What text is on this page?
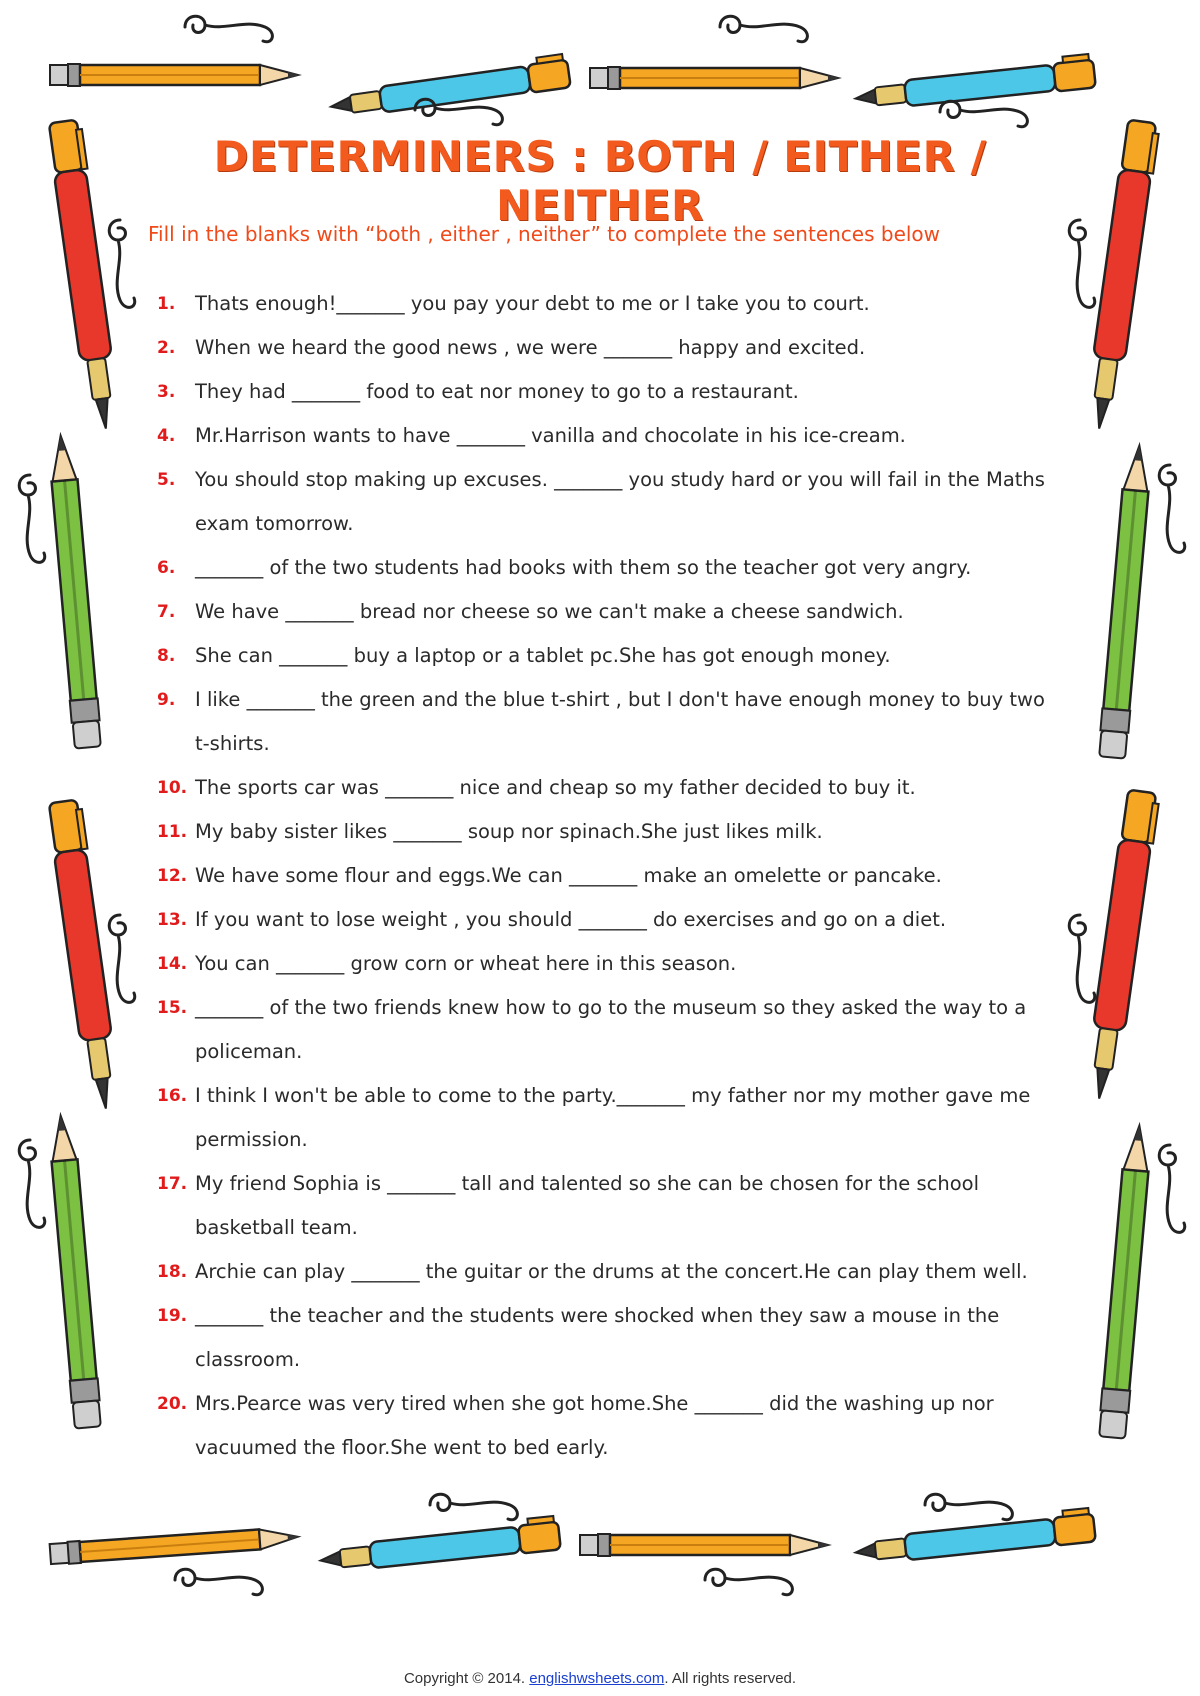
DETERMINERS : BOTH / EITHER / NEITHER

Fill in the blanks with “both , either , neither” to complete the sentences below

1. Thats enough!_______ you pay your debt to me or I take you to court.
2. When we heard the good news , we were _______ happy and excited.
3. They had _______ food to eat nor money to go to a restaurant.
4. Mr.Harrison wants to have _______ vanilla and chocolate in his ice-cream.
5. You should stop making up excuses. _______ you study hard or you will fail in the Maths exam tomorrow.
6. _______ of the two students had books with them so the teacher got very angry.
7. We have _______ bread nor cheese so we can't make a cheese sandwich.
8. She can _______ buy a laptop or a tablet pc.She has got enough money.
9. I like _______ the green and the blue t-shirt , but I don't have enough money to buy two t-shirts.
10. The sports car was _______ nice and cheap so my father decided to buy it.
11. My baby sister likes _______ soup nor spinach.She just likes milk.
12. We have some flour and eggs.We can _______ make an omelette or pancake.
13. If you want to lose weight , you should _______ do exercises and go on a diet.
14. You can _______ grow corn or wheat here in this season.
15. _______ of the two friends knew how to go to the museum so they asked the way to a policeman.
16. I think I won't be able to come to the party._______ my father nor my mother gave me permission.
17. My friend Sophia is _______ tall and talented so she can be chosen for the school basketball team.
18. Archie can play _______ the guitar or the drums at the concert.He can play them well.
19. _______ the teacher and the students were shocked when they saw a mouse in the classroom.
20. Mrs.Pearce was very tired when she got home.She _______ did the washing up nor vacuumed the floor.She went to bed early.
Copyright © 2014. englishwsheets.com. All rights reserved.
